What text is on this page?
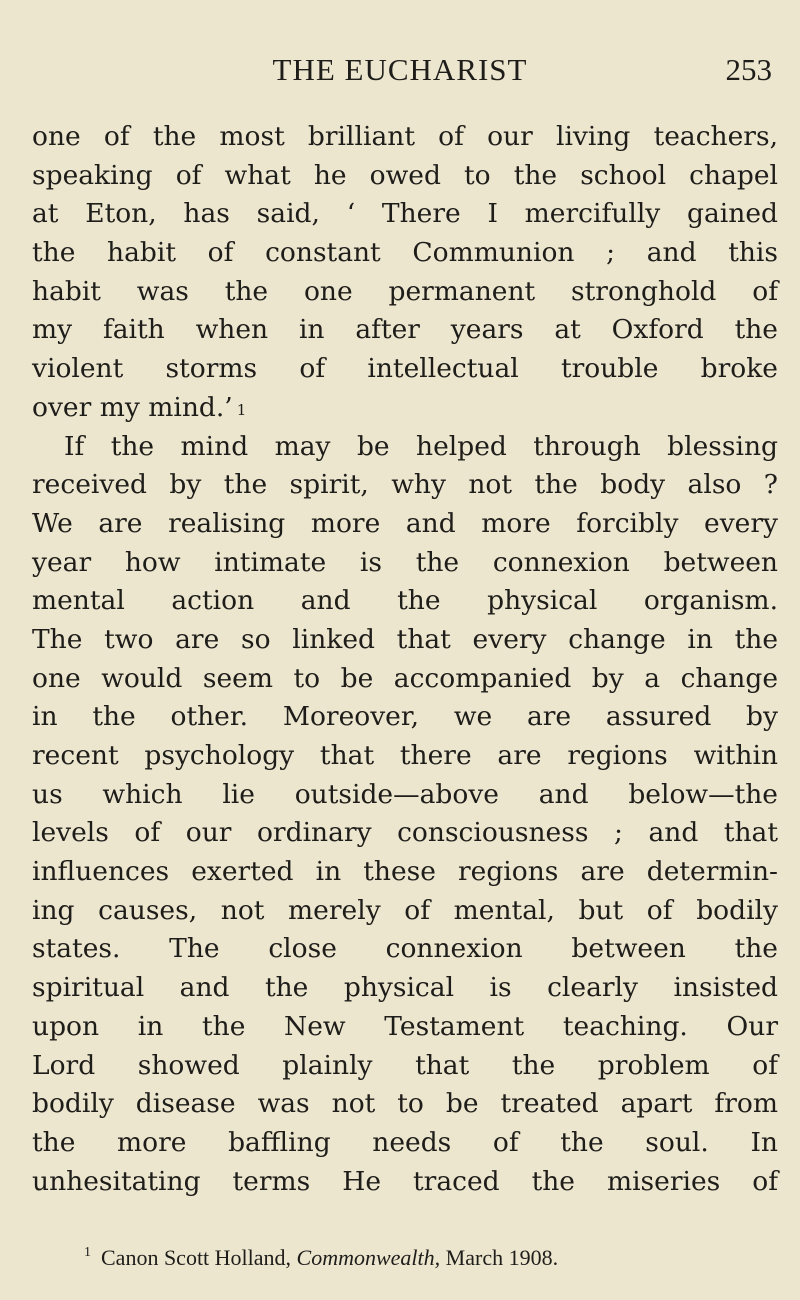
THE EUCHARIST	253
one of the most brilliant of our living teachers,
speaking of what he owed to the school chapel
at Eton, has said, ‘ There I mercifully gained
the habit of constant Communion ; and this
habit was the one permanent stronghold of
my faith when in after years at Oxford the
violent storms of intellectual trouble broke
over my mind.’ $^1$
If the mind may be helped through blessing
received by the spirit, why not the body also ?
We are realising more and more forcibly every
year how intimate is the connexion between
mental action and the physical organism.
The two are so linked that every change in the
one would seem to be accompanied by a change
in the other. Moreover, we are assured by
recent psychology that there are regions within
us which lie outside—above and below—the
levels of our ordinary consciousness ; and that
influences exerted in these regions are determin-
ing causes, not merely of mental, but of bodily
states. The close connexion between the
spiritual and the physical is clearly insisted
upon in the New Testament teaching. Our
Lord showed plainly that the problem of
bodily disease was not to be treated apart from
the more baffling needs of the soul. In
unhesitating terms He traced the miseries of
$^1$ Canon Scott Holland, Commonwealth, March 1908.
